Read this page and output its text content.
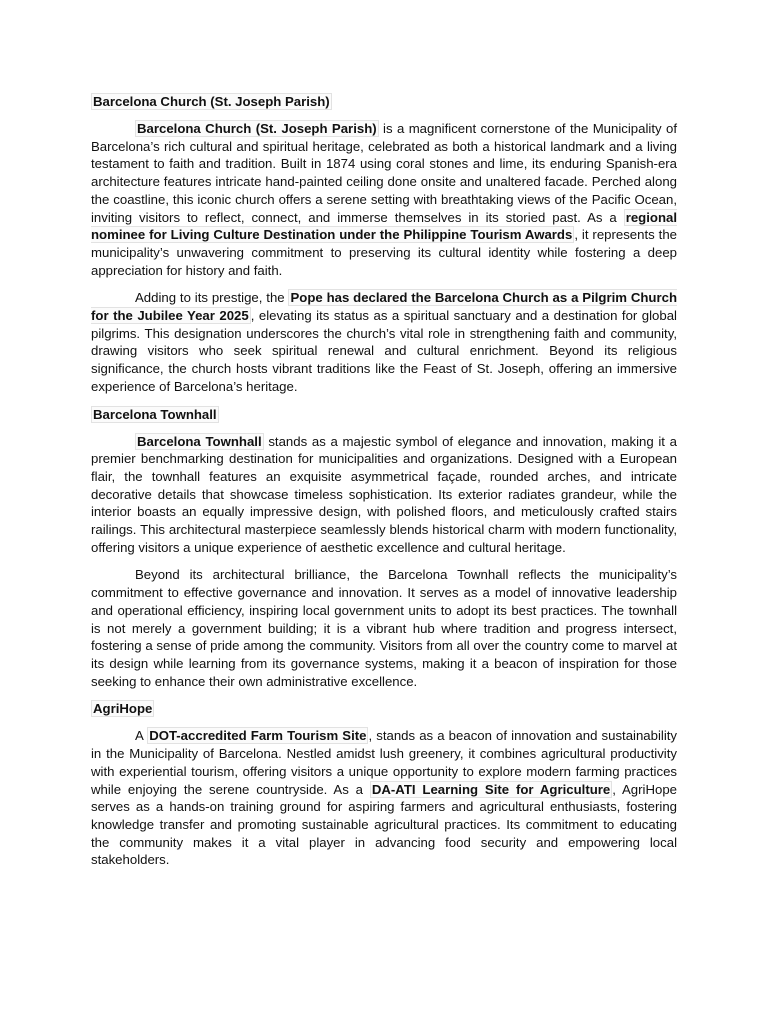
Barcelona Church (St. Joseph Parish)

Barcelona Church (St. Joseph Parish) is a magnificent cornerstone of the Municipality of Barcelona’s rich cultural and spiritual heritage, celebrated as both a historical landmark and a living testament to faith and tradition. Built in 1874 using coral stones and lime, its enduring Spanish-era architecture features intricate hand-painted ceiling done onsite and unaltered facade. Perched along the coastline, this iconic church offers a serene setting with breathtaking views of the Pacific Ocean, inviting visitors to reflect, connect, and immerse themselves in its storied past. As a regional nominee for Living Culture Destination under the Philippine Tourism Awards , it represents the municipality’s unwavering commitment to preserving its cultural identity while fostering a deep appreciation for history and faith.

Adding to its prestige, the Pope has declared the Barcelona Church as a Pilgrim Church for the Jubilee Year 2025 , elevating its status as a spiritual sanctuary and a destination for global pilgrims. This designation underscores the church’s vital role in strengthening faith and community, drawing visitors who seek spiritual renewal and cultural enrichment. Beyond its religious significance, the church hosts vibrant traditions like the Feast of St. Joseph, offering an immersive experience of Barcelona’s heritage.

Barcelona Townhall

Barcelona Townhall stands as a majestic symbol of elegance and innovation, making it a premier benchmarking destination for municipalities and organizations. Designed with a European flair, the townhall features an exquisite asymmetrical façade, rounded arches, and intricate decorative details that showcase timeless sophistication. Its exterior radiates grandeur, while the interior boasts an equally impressive design, with polished floors, and meticulously crafted stairs railings. This architectural masterpiece seamlessly blends historical charm with modern functionality, offering visitors a unique experience of aesthetic excellence and cultural heritage.

Beyond its architectural brilliance, the Barcelona Townhall reflects the municipality’s commitment to effective governance and innovation. It serves as a model of innovative leadership and operational efficiency, inspiring local government units to adopt its best practices. The townhall is not merely a government building; it is a vibrant hub where tradition and progress intersect, fostering a sense of pride among the community. Visitors from all over the country come to marvel at its design while learning from its governance systems, making it a beacon of inspiration for those seeking to enhance their own administrative excellence.

AgriHope

A DOT-accredited Farm Tourism Site , stands as a beacon of innovation and sustainability in the Municipality of Barcelona. Nestled amidst lush greenery, it combines agricultural productivity with experiential tourism, offering visitors a unique opportunity to explore modern farming practices while enjoying the serene countryside. As a DA-ATI Learning Site for Agriculture , AgriHope serves as a hands-on training ground for aspiring farmers and agricultural enthusiasts, fostering knowledge transfer and promoting sustainable agricultural practices. Its commitment to educating the community makes it a vital player in advancing food security and empowering local stakeholders.
